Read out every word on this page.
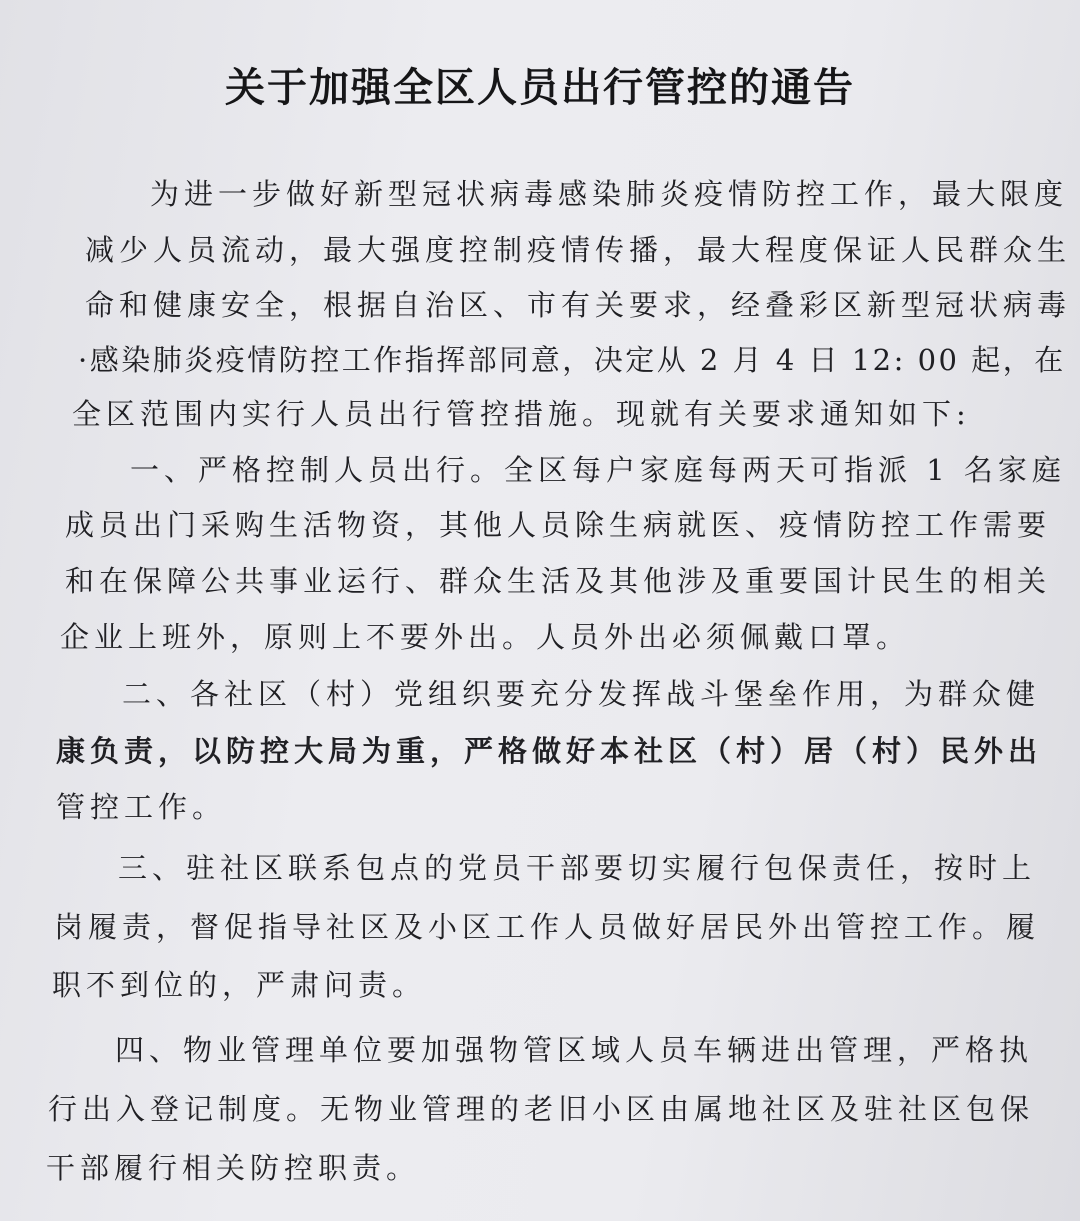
关于加强全区人员出行管控的通告
为进一步做好新型冠状病毒感染肺炎疫情防控工作，最大限度
减少人员流动，最大强度控制疫情传播，最大程度保证人民群众生
命和健康安全，根据自治区、市有关要求，经叠彩区新型冠状病毒
·感染肺炎疫情防控工作指挥部同意，决定从 2 月 4 日 12: 00 起，在
全区范围内实行人员出行管控措施。现就有关要求通知如下:
一、严格控制人员出行。全区每户家庭每两天可指派 1 名家庭
成员出门采购生活物资，其他人员除生病就医、疫情防控工作需要
和在保障公共事业运行、群众生活及其他涉及重要国计民生的相关
企业上班外，原则上不要外出。人员外出必须佩戴口罩。
二、各社区（村）党组织要充分发挥战斗堡垒作用，为群众健
康负责，以防控大局为重，严格做好本社区（村）居（村）民外出
管控工作。
三、驻社区联系包点的党员干部要切实履行包保责任，按时上
岗履责，督促指导社区及小区工作人员做好居民外出管控工作。履
职不到位的，严肃问责。
四、物业管理单位要加强物管区域人员车辆进出管理，严格执
行出入登记制度。无物业管理的老旧小区由属地社区及驻社区包保
干部履行相关防控职责。
